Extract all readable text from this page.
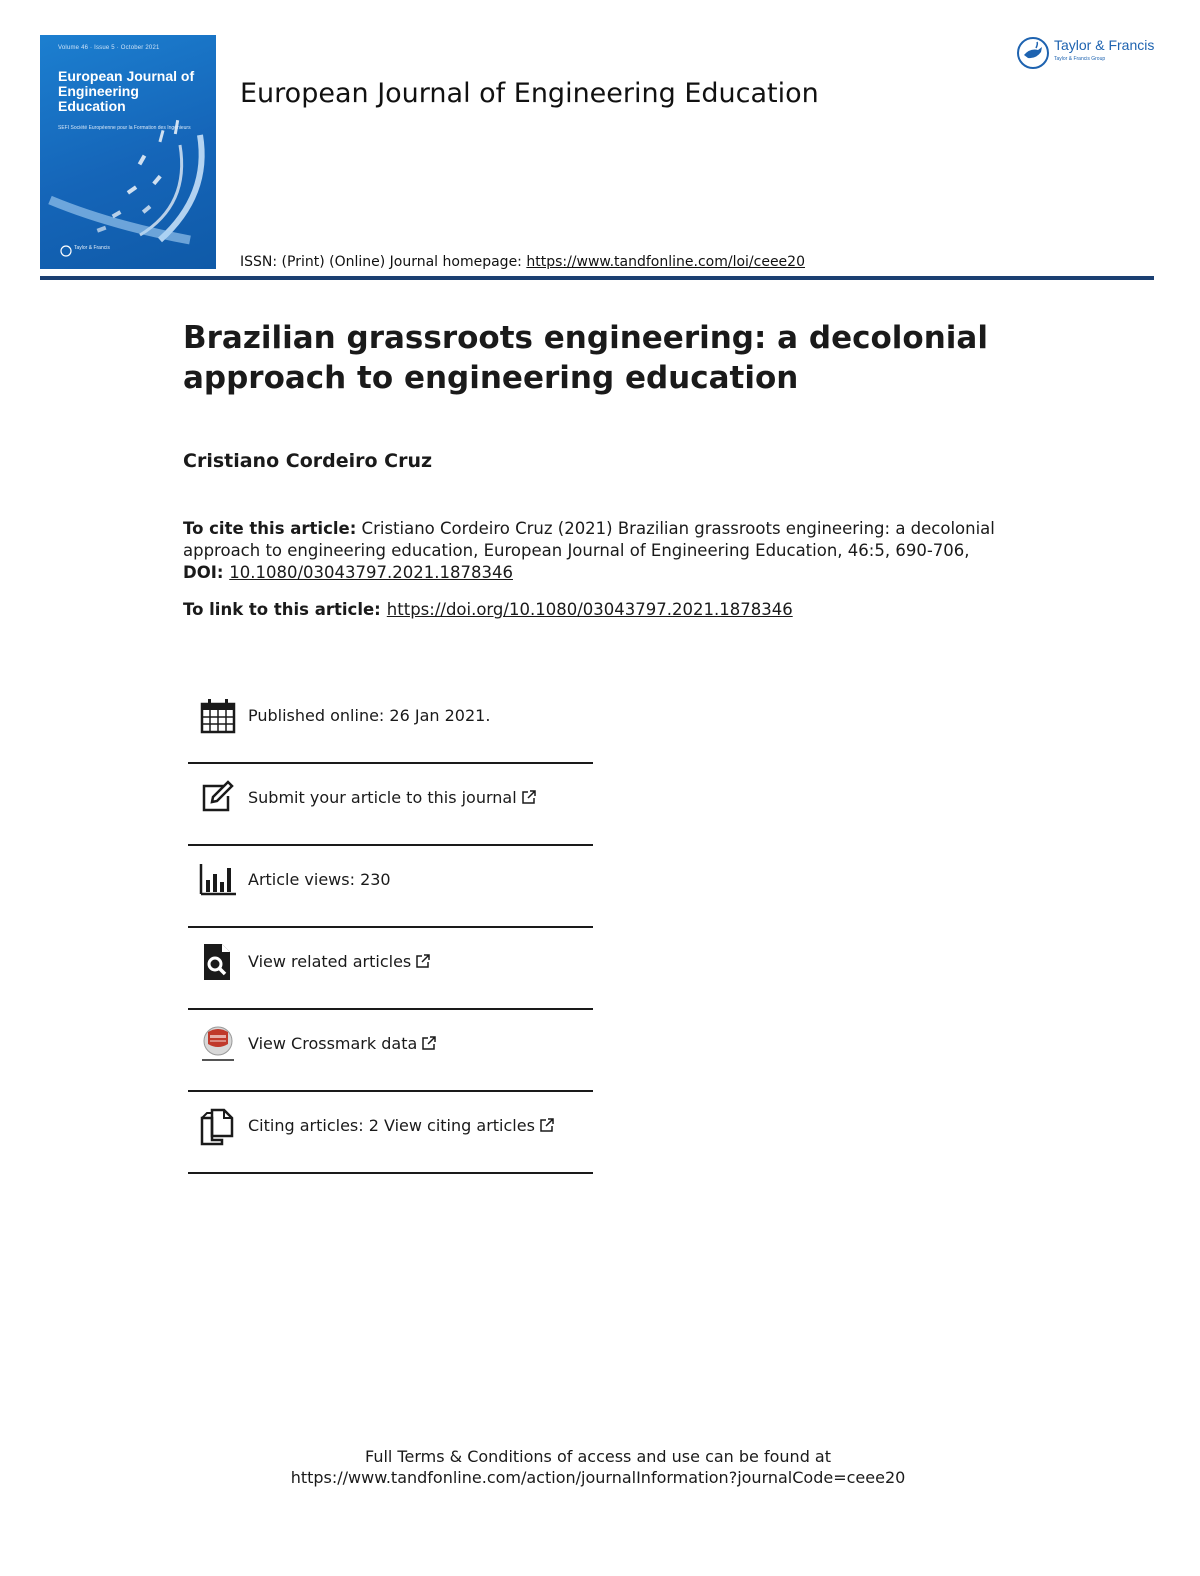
Volume 46 · Issue 5 · October 2021
European Journal of Engineering Education
SEFI Société Européenne pour la Formation des Ingénieurs
Taylor & Francis
European Journal of Engineering Education
ISSN: (Print) (Online) Journal homepage: https://www.tandfonline.com/loi/ceee20
Taylor & Francis
Taylor & Francis Group
Brazilian grassroots engineering: a decolonial approach to engineering education
Cristiano Cordeiro Cruz
To cite this article: Cristiano Cordeiro Cruz (2021) Brazilian grassroots engineering: a decolonial approach to engineering education, European Journal of Engineering Education, 46:5, 690-706, DOI: 10.1080/03043797.2021.1878346
To link to this article: https://doi.org/10.1080/03043797.2021.1878346
Published online: 26 Jan 2021.
Submit your article to this journal
Article views: 230
View related articles
View Crossmark data
Citing articles: 2 View citing articles
Full Terms & Conditions of access and use can be found at
https://www.tandfonline.com/action/journalInformation?journalCode=ceee20
